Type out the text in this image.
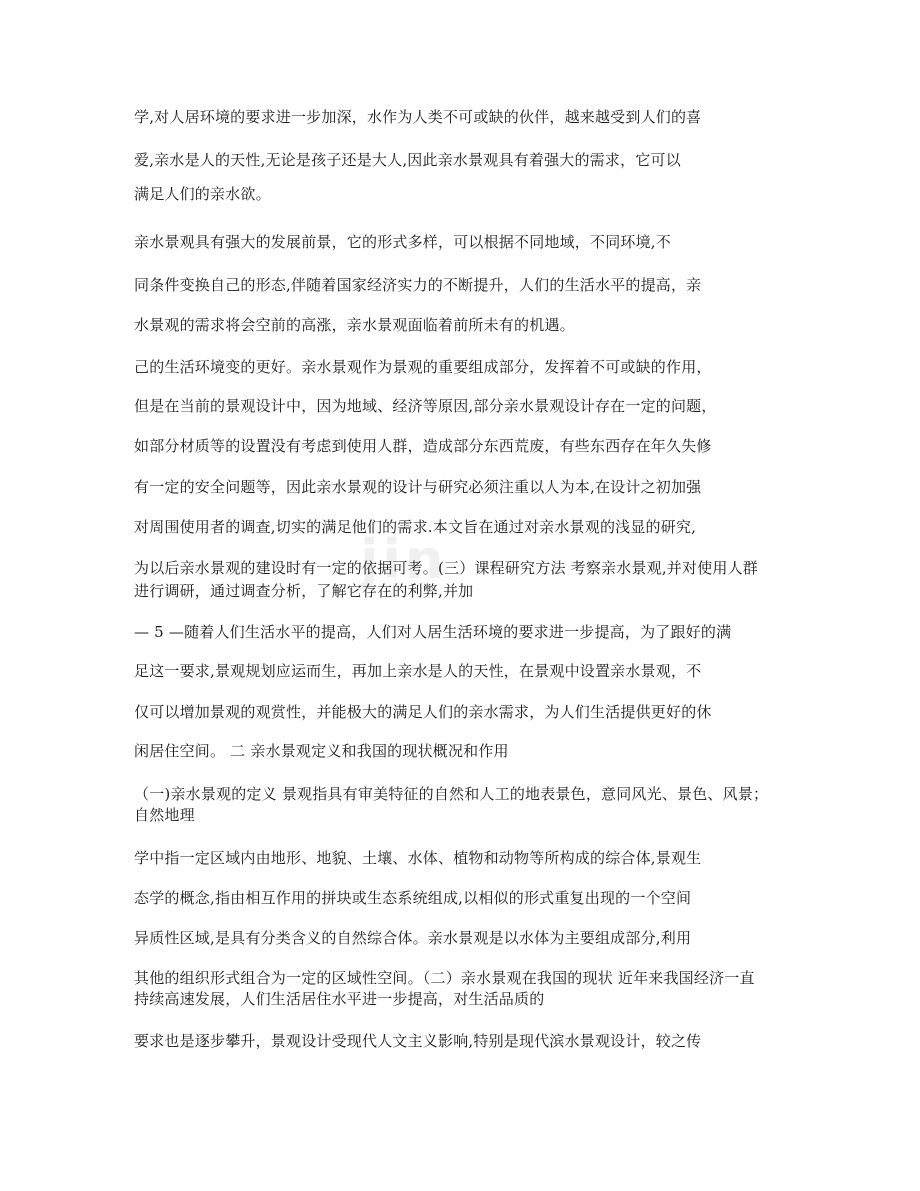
jin
学,对人居环境的要求进一步加深，水作为人类不可或缺的伙伴，越来越受到人们的喜
爱,亲水是人的天性,无论是孩子还是大人,因此亲水景观具有着强大的需求，它可以
满足人们的亲水欲。
亲水景观具有强大的发展前景，它的形式多样，可以根据不同地域，不同环境,不
同条件变换自己的形态,伴随着国家经济实力的不断提升，人们的生活水平的提高，亲
水景观的需求将会空前的高涨，亲水景观面临着前所未有的机遇。
己的生活环境变的更好。亲水景观作为景观的重要组成部分，发挥着不可或缺的作用，
但是在当前的景观设计中，因为地域、经济等原因,部分亲水景观设计存在一定的问题，
如部分材质等的设置没有考虑到使用人群，造成部分东西荒废，有些东西存在年久失修
有一定的安全问题等，因此亲水景观的设计与研究必须注重以人为本,在设计之初加强
对周围使用者的调查,切实的满足他们的需求.本文旨在通过对亲水景观的浅显的研究,
为以后亲水景观的建设时有一定的依据可考。(三）课程研究方法 考察亲水景观,并对使用人群
进行调研，通过调查分析，了解它存在的利弊,并加
— 5 —随着人们生活水平的提高，人们对人居生活环境的要求进一步提高，为了跟好的满
足这一要求,景观规划应运而生，再加上亲水是人的天性，在景观中设置亲水景观，不
仅可以增加景观的观赏性，并能极大的满足人们的亲水需求，为人们生活提供更好的休
闲居住空间。 二 亲水景观定义和我国的现状概况和作用
（一)亲水景观的定义 景观指具有审美特征的自然和人工的地表景色，意同风光、景色、风景；
自然地理
学中指一定区域内由地形、地貌、土壤、水体、植物和动物等所构成的综合体,景观生
态学的概念,指由相互作用的拼块或生态系统组成,以相似的形式重复出现的一个空间
异质性区域,是具有分类含义的自然综合体。亲水景观是以水体为主要组成部分,利用
其他的组织形式组合为一定的区域性空间。（二）亲水景观在我国的现状 近年来我国经济一直
持续高速发展，人们生活居住水平进一步提高，对生活品质的
要求也是逐步攀升，景观设计受现代人文主义影响,特别是现代滨水景观设计，较之传
